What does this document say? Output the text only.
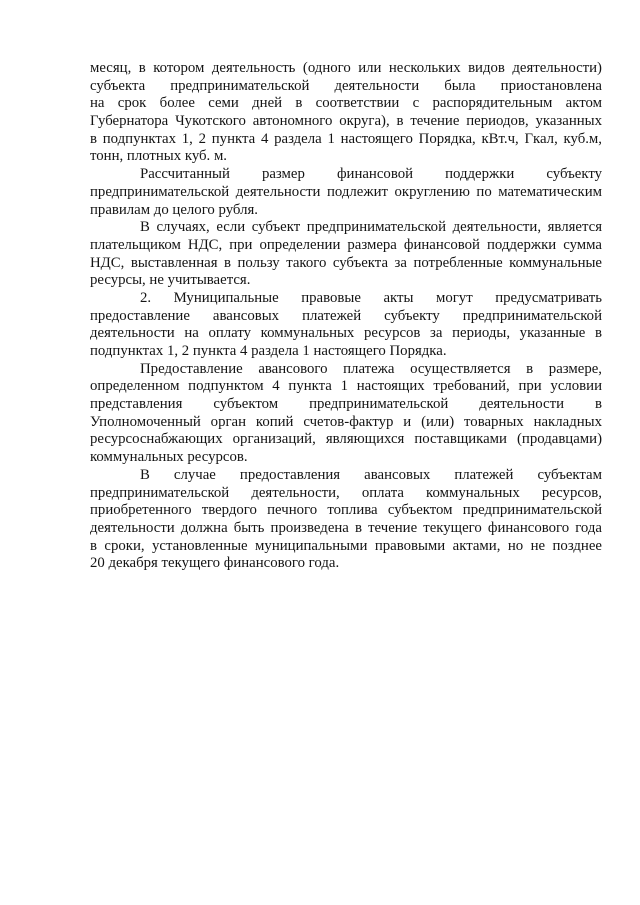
месяц, в котором деятельность (одного или нескольких видов деятельности)
субъекта предпринимательской деятельности была приостановлена
на срок более семи дней в соответствии с распорядительным актом
Губернатора Чукотского автономного округа), в течение периодов, указанных
в подпунктах 1, 2 пункта 4 раздела 1 настоящего Порядка, кВт.ч, Гкал, куб.м,
тонн, плотных куб. м.
Рассчитанный размер финансовой поддержки субъекту
предпринимательской деятельности подлежит округлению по математическим
правилам до целого рубля.
В случаях, если субъект предпринимательской деятельности, является
плательщиком НДС, при определении размера финансовой поддержки сумма
НДС, выставленная в пользу такого субъекта за потребленные коммунальные
ресурсы, не учитывается.
2. Муниципальные правовые акты могут предусматривать
предоставление авансовых платежей субъекту предпринимательской
деятельности на оплату коммунальных ресурсов за периоды, указанные в
подпунктах 1, 2 пункта 4 раздела 1 настоящего Порядка.
Предоставление авансового платежа осуществляется в размере,
определенном подпунктом 4 пункта 1 настоящих требований, при условии
представления субъектом предпринимательской деятельности в
Уполномоченный орган копий счетов-фактур и (или) товарных накладных
ресурсоснабжающих организаций, являющихся поставщиками (продавцами)
коммунальных ресурсов.
В случае предоставления авансовых платежей субъектам
предпринимательской деятельности, оплата коммунальных ресурсов,
приобретенного твердого печного топлива субъектом предпринимательской
деятельности должна быть произведена в течение текущего финансового года
в сроки, установленные муниципальными правовыми актами, но не позднее
20 декабря текущего финансового года.
